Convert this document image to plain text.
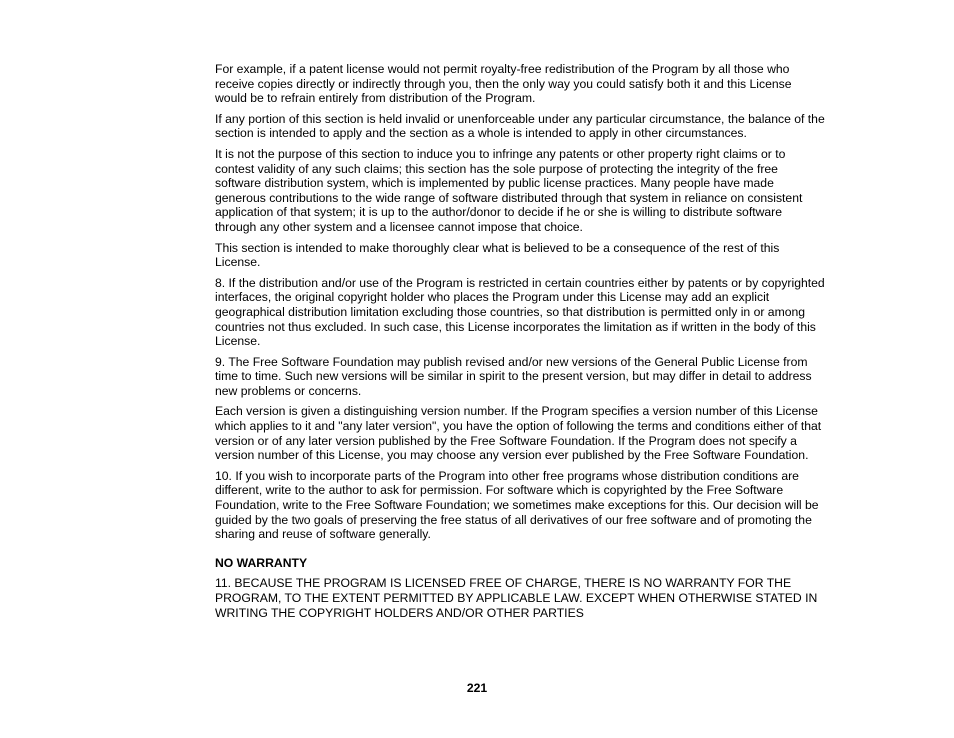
For example, if a patent license would not permit royalty-free redistribution of the Program by all those who receive copies directly or indirectly through you, then the only way you could satisfy both it and this License would be to refrain entirely from distribution of the Program.

If any portion of this section is held invalid or unenforceable under any particular circumstance, the balance of the section is intended to apply and the section as a whole is intended to apply in other circumstances.

It is not the purpose of this section to induce you to infringe any patents or other property right claims or to contest validity of any such claims; this section has the sole purpose of protecting the integrity of the free software distribution system, which is implemented by public license practices. Many people have made generous contributions to the wide range of software distributed through that system in reliance on consistent application of that system; it is up to the author/donor to decide if he or she is willing to distribute software through any other system and a licensee cannot impose that choice.

This section is intended to make thoroughly clear what is believed to be a consequence of the rest of this License.

8. If the distribution and/or use of the Program is restricted in certain countries either by patents or by copyrighted interfaces, the original copyright holder who places the Program under this License may add an explicit geographical distribution limitation excluding those countries, so that distribution is permitted only in or among countries not thus excluded. In such case, this License incorporates the limitation as if written in the body of this License.

9. The Free Software Foundation may publish revised and/or new versions of the General Public License from time to time. Such new versions will be similar in spirit to the present version, but may differ in detail to address new problems or concerns.

Each version is given a distinguishing version number. If the Program specifies a version number of this License which applies to it and "any later version", you have the option of following the terms and conditions either of that version or of any later version published by the Free Software Foundation. If the Program does not specify a version number of this License, you may choose any version ever published by the Free Software Foundation.

10. If you wish to incorporate parts of the Program into other free programs whose distribution conditions are different, write to the author to ask for permission. For software which is copyrighted by the Free Software Foundation, write to the Free Software Foundation; we sometimes make exceptions for this. Our decision will be guided by the two goals of preserving the free status of all derivatives of our free software and of promoting the sharing and reuse of software generally.

NO WARRANTY

11. BECAUSE THE PROGRAM IS LICENSED FREE OF CHARGE, THERE IS NO WARRANTY FOR THE PROGRAM, TO THE EXTENT PERMITTED BY APPLICABLE LAW. EXCEPT WHEN OTHERWISE STATED IN WRITING THE COPYRIGHT HOLDERS AND/OR OTHER PARTIES

221
